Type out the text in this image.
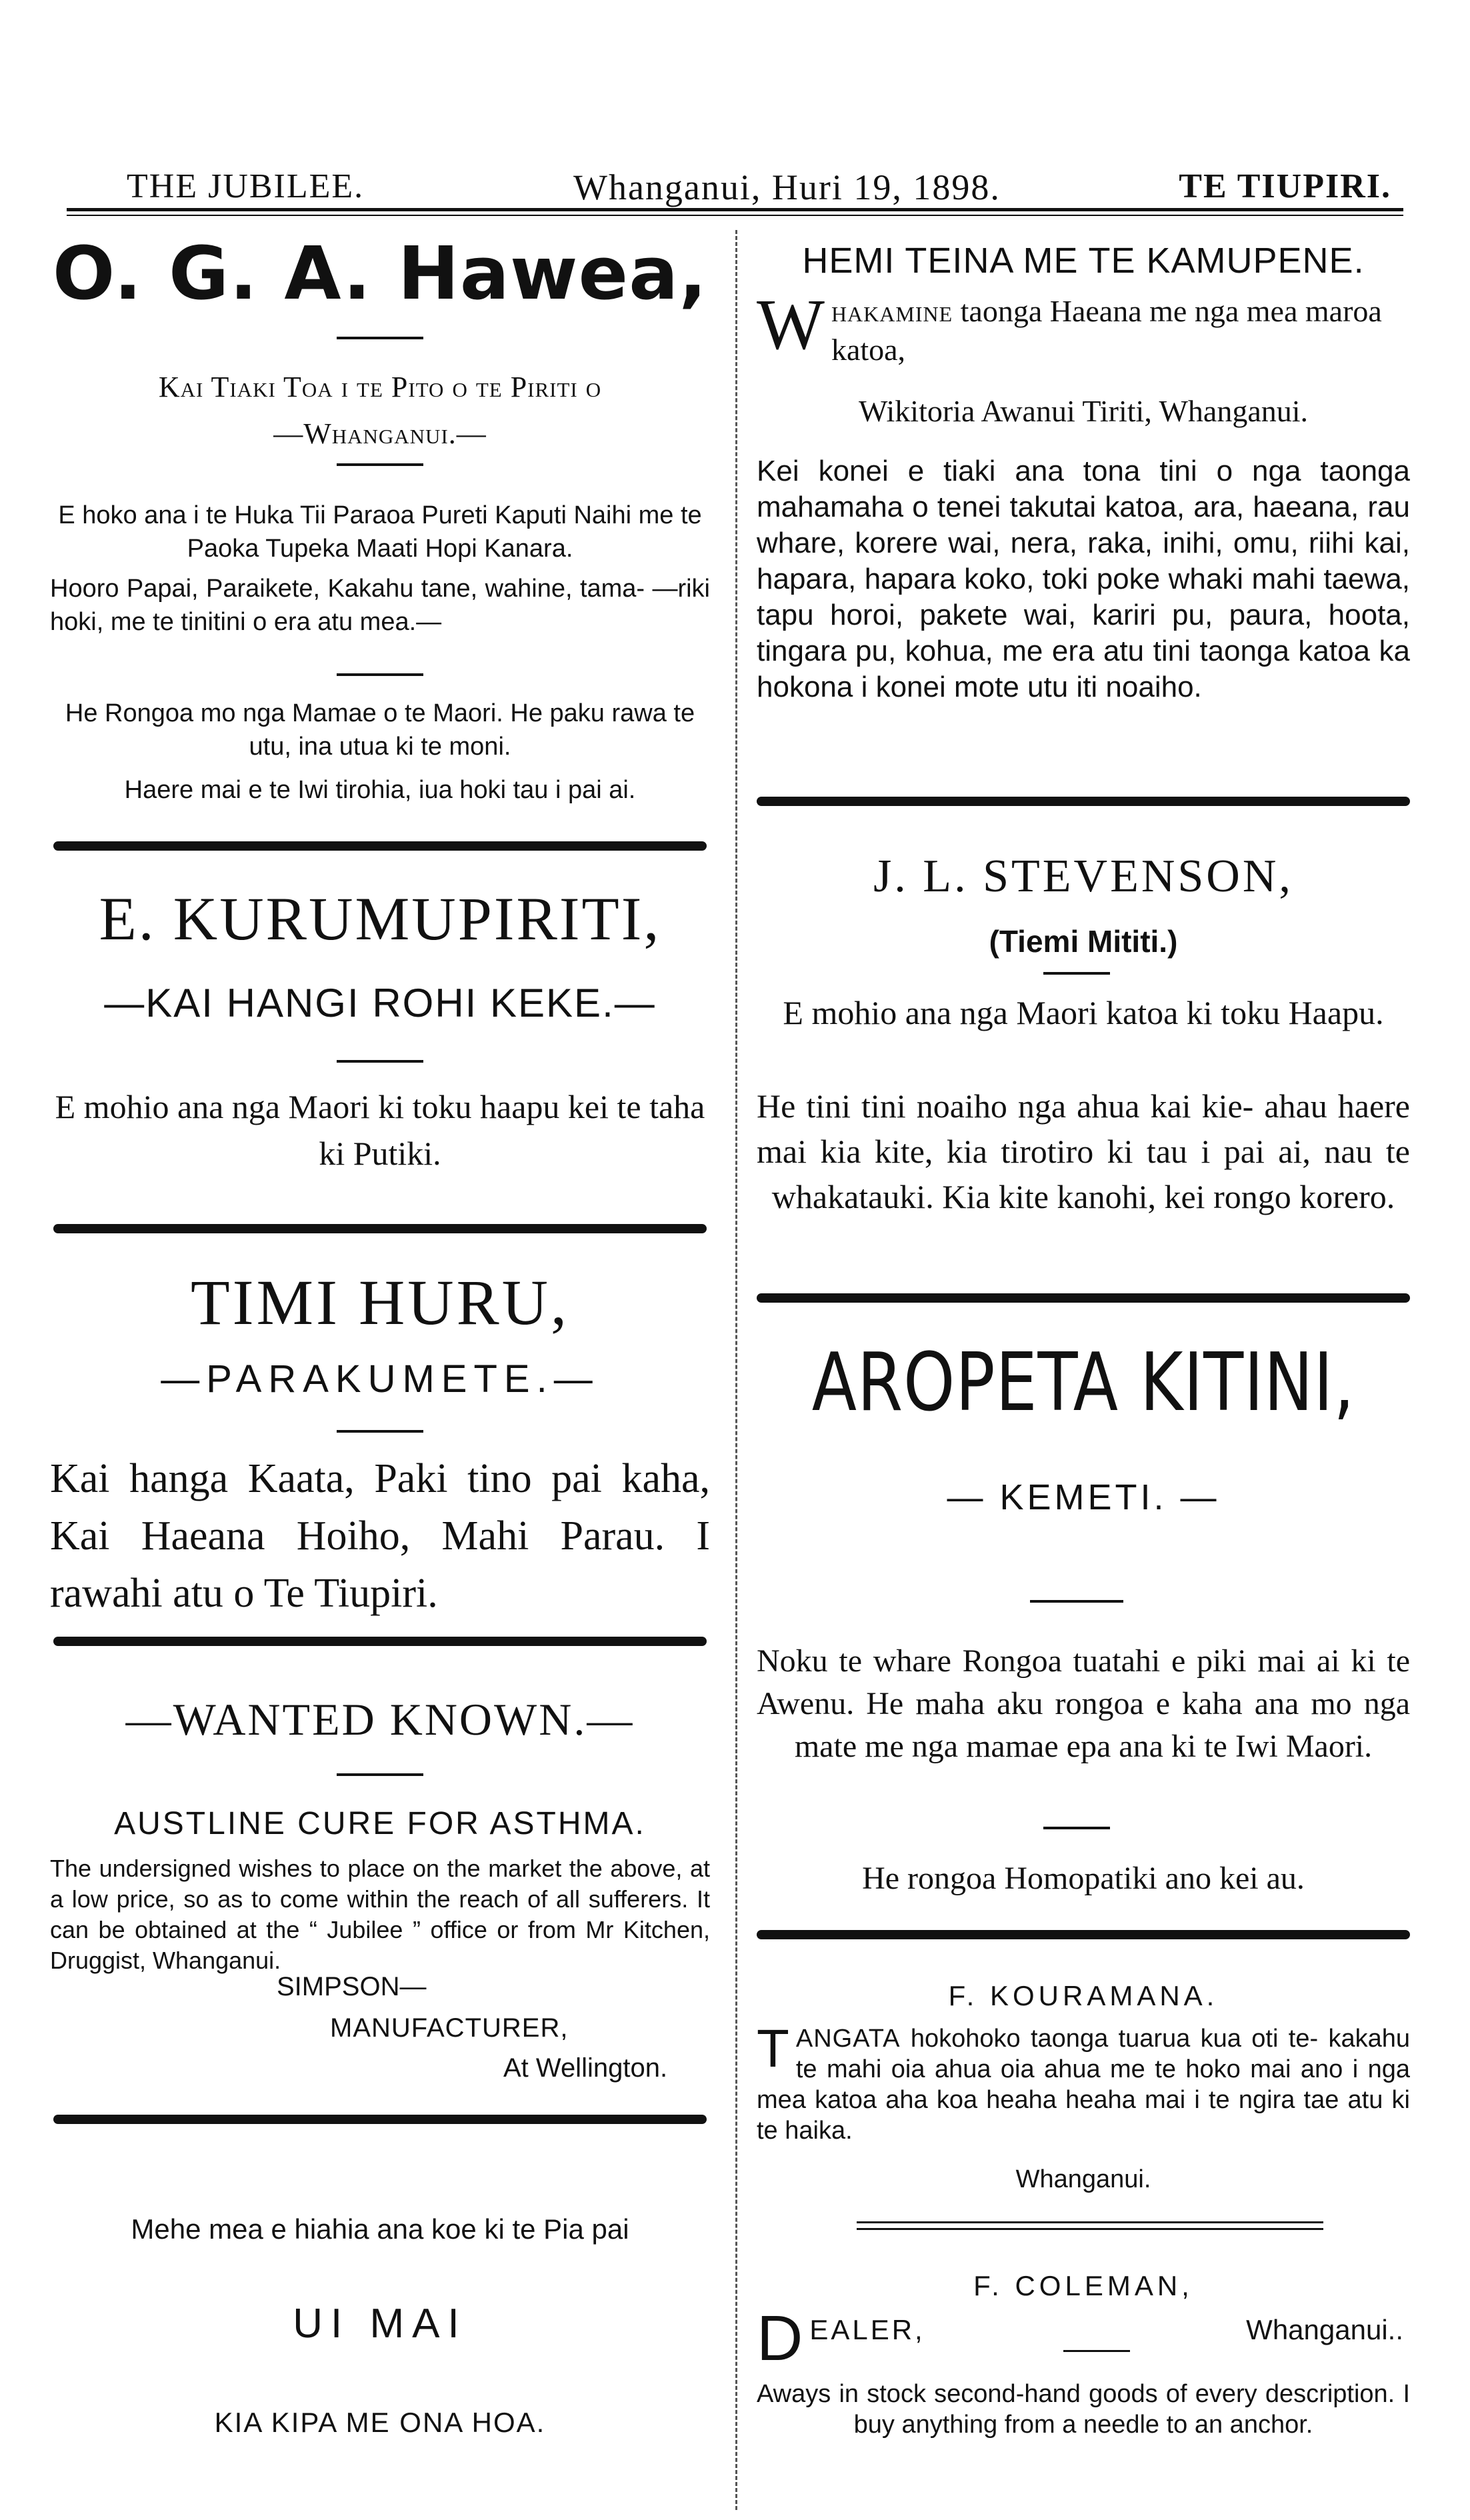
THE JUBILEE.	Whanganui, Huri 19, 1898.	TE TIUPIRI.
O. G. A. Hawea,
Kai Tiaki Toa i te Pito o te Piriti o
—Whanganui.—
E hoko ana i te Huka Tii Paraoa Pureti Kaputi Naihi me te Paoka Tupeka Maati Hopi Kanara.
Hooro Papai, Paraikete, Kakahu tane, wahine, tama- —riki hoki, me te tinitini o era atu mea.—
He Rongoa mo nga Mamae o te Maori. He paku rawa te utu, ina utua ki te moni.
Haere mai e te Iwi tirohia, iua hoki tau i pai ai.
E. KURUMUPIRITI,
—KAI HANGI ROHI KEKE.—
E mohio ana nga Maori ki toku haapu kei te taha ki Putiki.
TIMI HURU,
—PARAKUMETE.—
Kai hanga Kaata, Paki tino pai kaha, Kai Haeana Hoiho, Mahi Parau. I rawahi atu o Te Tiupiri.
—WANTED KNOWN.—
AUSTLINE CURE FOR ASTHMA.
The undersigned wishes to place on the market the above, at a low price, so as to come within the reach of all sufferers. It can be obtained at the “ Jubilee ” office or from Mr Kitchen, Druggist, Whanganui.
SIMPSON—
MANUFACTURER,
At Wellington.
Mehe mea e hiahia ana koe ki te Pia pai
UI MAI
KIA KIPA ME ONA HOA.
HEMI TEINA ME TE KAMUPENE.
W HAKAMINE taonga Haeana me nga mea maroa katoa,
Wikitoria Awanui Tiriti, Whanganui.
Kei konei e tiaki ana tona tini o nga taonga mahamaha o tenei takutai katoa, ara, haeana, rau whare, korere wai, nera, raka, inihi, omu, riihi kai, hapara, hapara koko, toki poke whaki mahi taewa, tapu horoi, pakete wai, kariri pu, paura, hoota, tingara pu, kohua, me era atu tini taonga katoa ka hokona i konei mote utu iti noaiho.
J. L. STEVENSON,
(Tiemi Mititi.)
E mohio ana nga Maori katoa ki toku Haapu.
He tini tini noaiho nga ahua kai kie- ahau haere mai kia kite, kia tirotiro ki tau i pai ai, nau te whakatauki. Kia kite kanohi, kei rongo korero.
AROPETA KITINI,
— KEMETI. —
Noku te whare Rongoa tuatahi e piki mai ai ki te Awenu. He maha aku rongoa e kaha ana mo nga mate me nga mamae epa ana ki te Iwi Maori.
He rongoa Homopatiki ano kei au.
F. KOURAMANA.
TANGATA hokohoko taonga tuarua kua oti te- kakahu te mahi oia ahua oia ahua me te hoko mai ano i nga mea katoa aha koa heaha heaha mai i te ngira tae atu ki te haika.
Whanganui.
F. COLEMAN,
DEALER,	Whanganui..
Aways in stock second-hand goods of every description. I buy anything from a needle to an anchor.
